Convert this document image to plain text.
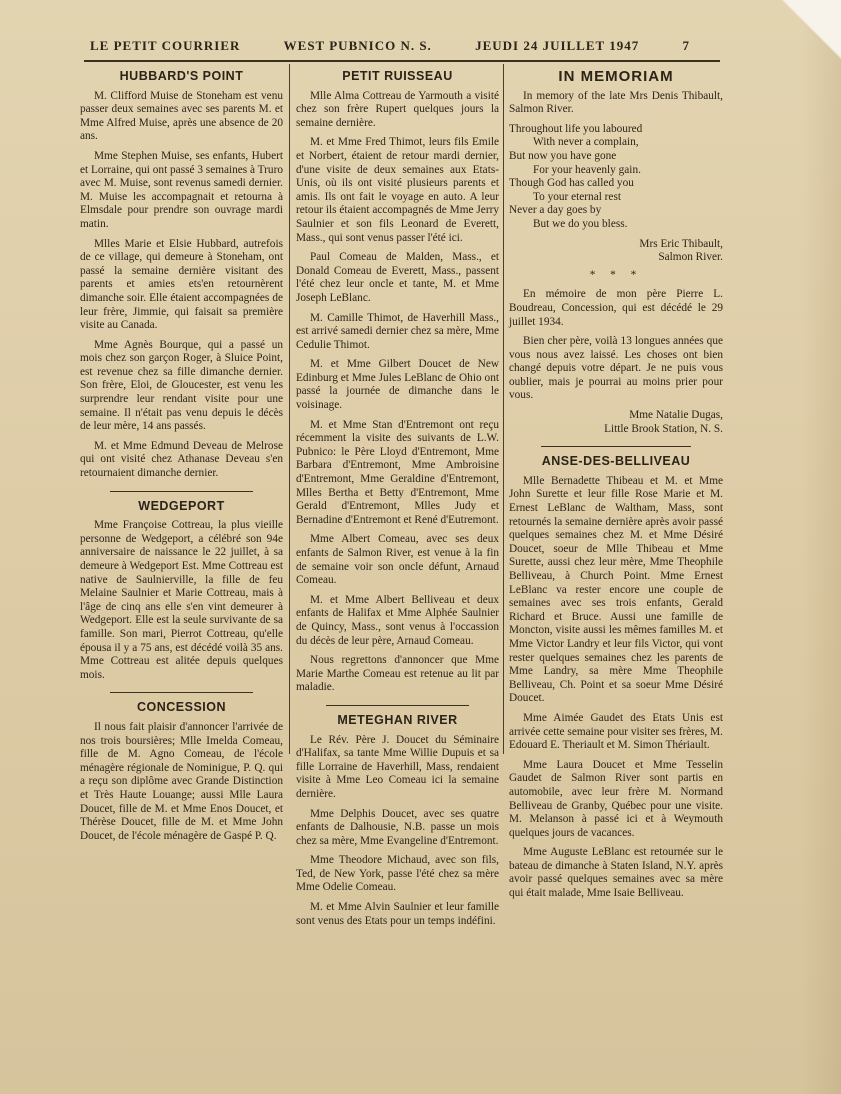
LE PETIT COURRIER	WEST PUBNICO N. S.	JEUDI 24 JUILLET 1947	7
HUBBARD'S POINT

M. Clifford Muise de Stoneham est venu passer deux semaines avec ses parents M. et Mme Alfred Muise, après une absence de 20 ans.

Mme Stephen Muise, ses enfants, Hubert et Lorraine, qui ont passé 3 semaines à Truro avec M. Muise, sont revenus samedi dernier. M. Muise les accompagnait et retourna à Elmsdale pour prendre son ouvrage mardi matin.

Mlles Marie et Elsie Hubbard, autrefois de ce village, qui demeure à Stoneham, ont passé la semaine dernière visitant des parents et amies ets'en retournèrent dimanche soir. Elle étaient accompagnées de leur frère, Jimmie, qui faisait sa première visite au Canada.

Mme Agnès Bourque, qui a passé un mois chez son garçon Roger, à Sluice Point, est revenue chez sa fille dimanche dernier. Son frère, Eloi, de Gloucester, est venu les surprendre leur rendant visite pour une semaine. Il n'était pas venu depuis le décès de leur mère, 14 ans passés.

M. et Mme Edmund Deveau de Melrose qui ont visité chez Athanase Deveau s'en retournaient dimanche dernier.

WEDGEPORT

Mme Françoise Cottreau, la plus vieille personne de Wedgeport, a célébré son 94e anniversaire de naissance le 22 juillet, à sa demeure à Wedgeport Est. Mme Cottreau est native de Saulnierville, la fille de feu Melaine Saulnier et Marie Cottreau, mais à l'âge de cinq ans elle s'en vint demeurer à Wedgeport. Elle est la seule survivante de sa famille. Son mari, Pierrot Cottreau, qu'elle épousa il y a 75 ans, est décédé voilà 35 ans. Mme Cottreau est alitée depuis quelques mois.

CONCESSION

Il nous fait plaisir d'annoncer l'arrivée de nos trois boursières; Mlle Imelda Comeau, fille de M. Agno Comeau, de l'école ménagère régionale de Nominigue, P. Q. qui a reçu son diplôme avec Grande Distinction et Très Haute Louange; aussi Mlle Laura Doucet, fille de M. et Mme Enos Doucet, et Thérèse Doucet, fille de M. et Mme John Doucet, de l'école ménagère de Gaspé P. Q.

PETIT RUISSEAU

Mlle Alma Cottreau de Yarmouth a visité chez son frère Rupert quelques jours la semaine dernière.

M. et Mme Fred Thimot, leurs fils Emile et Norbert, étaient de retour mardi dernier, d'une visite de deux semaines aux Etats-Unis, où ils ont visité plusieurs parents et amis. Ils ont fait le voyage en auto. A leur retour ils étaient accompagnés de Mme Jerry Saulnier et son fils Leonard de Everett, Mass., qui sont venus passer l'été ici.

Paul Comeau de Malden, Mass., et Donald Comeau de Everett, Mass., passent l'été chez leur oncle et tante, M. et Mme Joseph LeBlanc.

M. Camille Thimot, de Haverhill Mass., est arrivé samedi dernier chez sa mère, Mme Cedulie Thimot.

M. et Mme Gilbert Doucet de New Edinburg et Mme Jules LeBlanc de Ohio ont passé la journée de dimanche dans le voisinage.

M. et Mme Stan d'Entremont ont reçu récemment la visite des suivants de L.W. Pubnico: le Père Lloyd d'Entremont, Mme Barbara d'Entremont, Mme Ambroisine d'Entremont, Mme Geraldine d'Entremont, Mlles Bertha et Betty d'Entremont, Mme Gerald d'Entremont, Mlles Judy et Bernadine d'Entremont et René d'Eutremont.

Mme Albert Comeau, avec ses deux enfants de Salmon River, est venue à la fin de semaine voir son oncle défunt, Arnaud Comeau.

M. et Mme Albert Belliveau et deux enfants de Halifax et Mme Alphée Saulnier de Quincy, Mass., sont venus à l'occassion du décès de leur père, Arnaud Comeau.

Nous regrettons d'annoncer que Mme Marie Marthe Comeau est retenue au lit par maladie.

METEGHAN RIVER

Le Rév. Père J. Doucet du Séminaire d'Halifax, sa tante Mme Willie Dupuis et sa fille Lorraine de Haverhill, Mass, rendaient visite à Mme Leo Comeau ici la semaine dernière.

Mme Delphis Doucet, avec ses quatre enfants de Dalhousie, N.B. passe un mois chez sa mère, Mme Evangeline d'Entremont.

Mme Theodore Michaud, avec son fils, Ted, de New York, passe l'été chez sa mère Mme Odelie Comeau.

M. et Mme Alvin Saulnier et leur famille sont venus des Etats pour un temps indéfini.

IN MEMORIAM

In memory of the late Mrs Denis Thibault, Salmon River.

Throughout life you laboured
With never a complain,
But now you have gone
For your heavenly gain.
Though God has called you
To your eternal rest
Never a day goes by
But we do you bless.
Mrs Eric Thibault,
Salmon River.
* * *

En mémoire de mon père Pierre L. Boudreau, Concession, qui est décédé le 29 juillet 1934.

Bien cher père, voilà 13 longues années que vous nous avez laissé. Les choses ont bien changé depuis votre départ. Je ne puis vous oublier, mais je pourrai au moins prier pour vous.

Mme Natalie Dugas,
Little Brook Station, N. S.
ANSE-DES-BELLIVEAU

Mlle Bernadette Thibeau et M. et Mme John Surette et leur fille Rose Marie et M. Ernest LeBlanc de Waltham, Mass, sont retournés la semaine dernière après avoir passé quelques semaines chez M. et Mme Désiré Doucet, soeur de Mlle Thibeau et Mme Surette, aussi chez leur mère, Mme Theophile Belliveau, à Church Point. Mme Ernest LeBlanc va rester encore une couple de semaines avec ses trois enfants, Gerald Richard et Bruce. Aussi une famille de Moncton, visite aussi les mêmes familles M. et Mme Victor Landry et leur fils Victor, qui vont rester quelques semaines chez les parents de Mme Landry, sa mère Mme Theophile Belliveau, Ch. Point et sa soeur Mme Désiré Doucet.

Mme Aimée Gaudet des Etats Unis est arrivée cette semaine pour visiter ses frères, M. Edouard E. Theriault et M. Simon Thériault.

Mme Laura Doucet et Mme Tesselin Gaudet de Salmon River sont partis en automobile, avec leur frère M. Normand Belliveau de Granby, Québec pour une visite. M. Melanson à passé ici et à Weymouth quelques jours de vacances.

Mme Auguste LeBlanc est retournée sur le bateau de dimanche à Staten Island, N.Y. après avoir passé quelques semaines avec sa mère qui était malade, Mme Isaie Belliveau.
